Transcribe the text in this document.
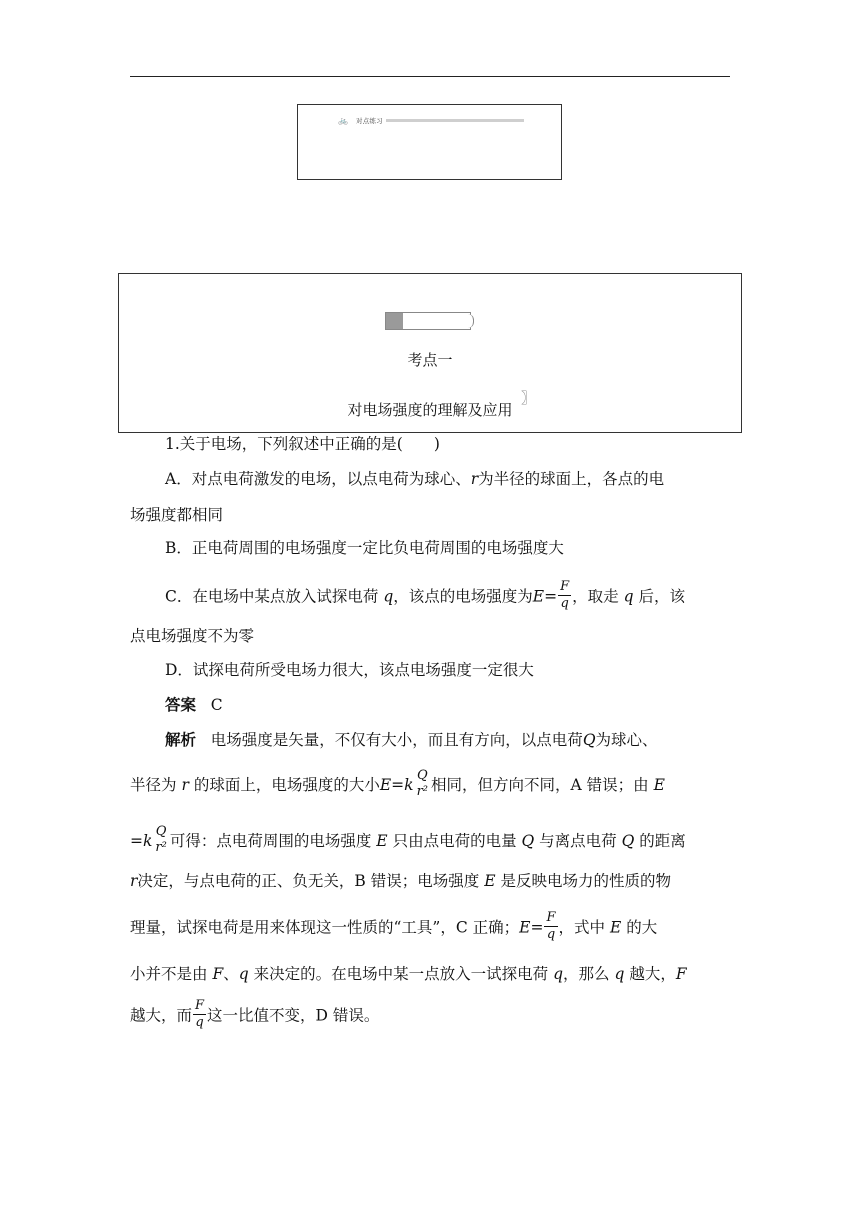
🚲 对点练习
考点一
对电场强度的理解及应用
〗
1.关于电场，下列叙述中正确的是(　　)
A．对点电荷激发的电场，以点电荷为球心、r为半径的球面上，各点的电
场强度都相同
B．正电荷周围的电场强度一定比负电荷周围的电场强度大
C．在电场中某点放入试探电荷 q，该点的电场强度为$E= \frac{F}{q}$ ，取走 q 后，该
点电场强度不为零
D．试探电荷所受电场力很大，该点电场强度一定很大
答案 C
解析 电场强度是矢量，不仅有大小，而且有方向，以点电荷Q为球心、
半径为 r 的球面上，电场强度的大小E=k
Q
r² 相同，但方向不同，A 错误；由 E
=k
Q
r² 可得：点电荷周围的电场强度 E 只由点电荷的电量 Q 与离点电荷 Q 的距离
r决定，与点电荷的正、负无关，B 错误；电场强度 E 是反映电场力的性质的物
理量，试探电荷是用来体现这一性质的“工具”，C 正确；$E= \frac{F}{q}$ ，式中 E 的大
小并不是由 F、q 来决定的。在电场中某一点放入一试探电荷 q，那么 q 越大，F
越大，而 $\frac{F}{q}$ 这一比值不变，D 错误。
